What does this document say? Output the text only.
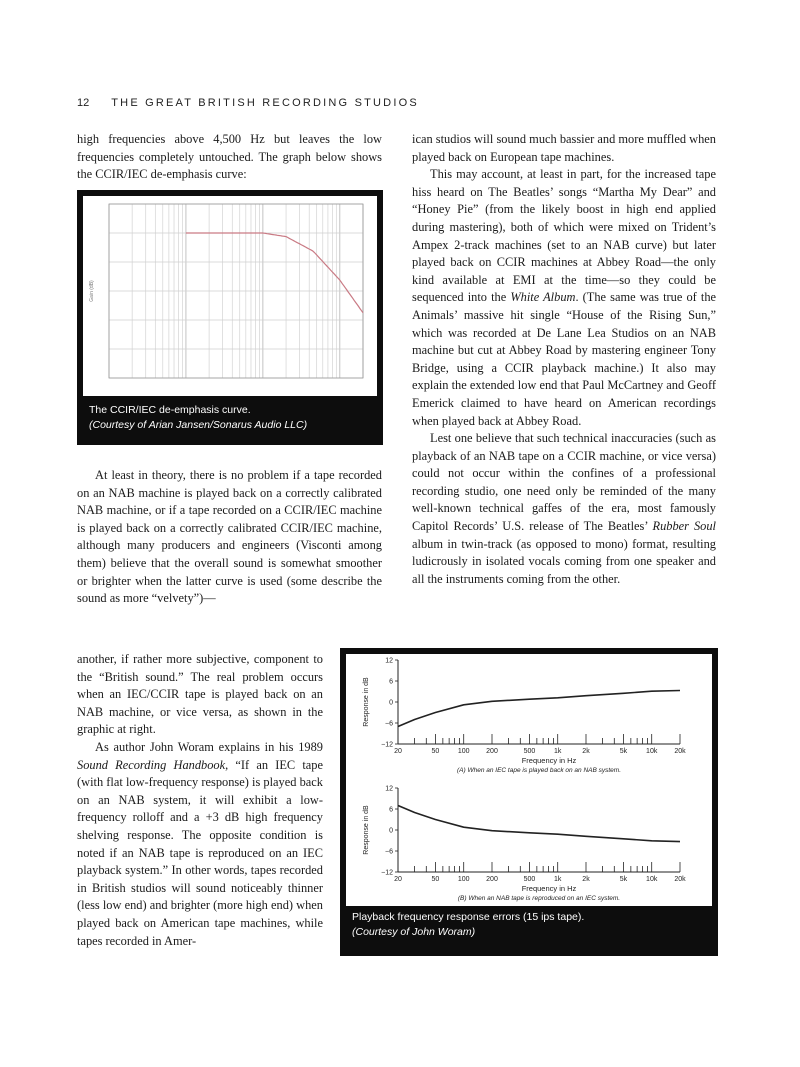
12 THE GREAT BRITISH RECORDING STUDIOS

high frequencies above 4,500 Hz but leaves the low frequencies completely untouched. The graph below shows the CCIR/IEC de-emphasis curve:

Gain (dB)
The CCIR/IEC de-emphasis curve.
(Courtesy of Arian Jansen/Sonarus Audio LLC)

At least in theory, there is no problem if a tape recorded on an NAB machine is played back on a correctly calibrated NAB machine, or if a tape recorded on a CCIR/IEC machine is played back on a correctly calibrated CCIR/IEC machine, although many producers and engineers (Visconti among them) believe that the overall sound is somewhat smoother or brighter when the latter curve is used (some describe the sound as more “velvety”)—

another, if rather more subjective, component to the “British sound.” The real problem occurs when an IEC/CCIR tape is played back on an NAB machine, or vice versa, as shown in the graphic at right.

As author John Woram explains in his 1989 Sound Recording Handbook, “If an IEC tape (with flat low-frequency response) is played back on an NAB system, it will exhibit a low-frequency rolloff and a +3 dB high frequency shelving response. The opposite condition is noted if an NAB tape is reproduced on an IEC playback system.” In other words, tapes recorded in British studios will sound noticeably thinner (less low end) and brighter (more high end) when played back on American tape machines, while tapes recorded in Amer-

ican studios will sound much bassier and more muffled when played back on European tape machines.

This may account, at least in part, for the increased tape hiss heard on The Beatles’ songs “Martha My Dear” and “Honey Pie” (from the likely boost in high end applied during mastering), both of which were mixed on Trident’s Ampex 2-track machines (set to an NAB curve) but later played back on CCIR machines at Abbey Road—the only kind available at EMI at the time—so they could be sequenced into the White Album. (The same was true of the Animals’ massive hit single “House of the Rising Sun,” which was recorded at De Lane Lea Studios on an NAB machine but cut at Abbey Road by mastering engineer Tony Bridge, using a CCIR playback machine.) It also may explain the extended low end that Paul McCartney and Geoff Emerick claimed to have heard on American recordings when played back at Abbey Road.

Lest one believe that such technical inaccuracies (such as playback of an NAB tape on a CCIR machine, or vice versa) could not occur within the confines of a professional recording studio, one need only be reminded of the many well-known technical gaffes of the era, most famously Capitol Records’ U.S. release of The Beatles’ Rubber Soul album in twin-track (as opposed to mono) format, resulting ludicrously in isolated vocals coming from one speaker and all the instruments coming from the other.

12
6
0
−6
−12
Response in dB
20	50	100 200	500	1k	2k	5k	10k 20k
Frequency in Hz
(A) When an IEC tape is played back on an NAB system.
12
6
0
−6
−12
Response in dB
20	50	100 200	500	1k	2k	5k	10k 20k
Frequency in Hz
(B) When an NAB tape is reproduced on an IEC system.
Playback frequency response errors (15 ips tape).
(Courtesy of John Woram)
